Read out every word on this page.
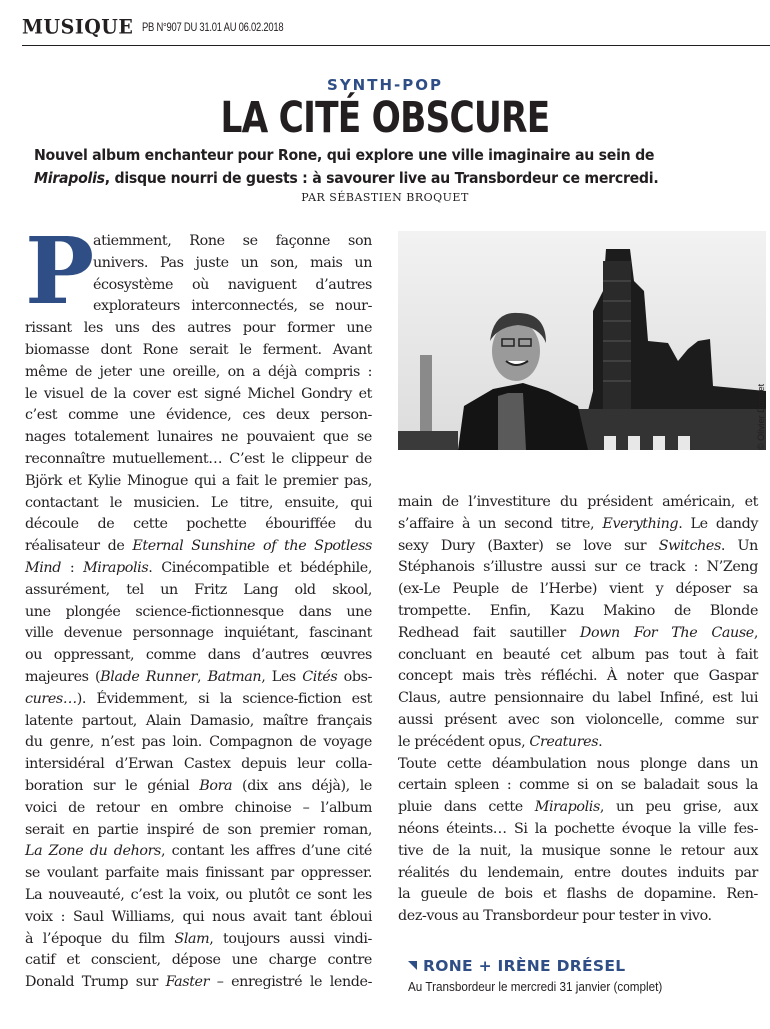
MUSIQUE PB N°907 DU 31.01 AU 06.02.2018
SYNTH-POP
LA CITÉ OBSCURE
Nouvel album enchanteur pour Rone, qui explore une ville imaginaire au sein de
Mirapolis, disque nourri de guests : à savourer live au Transbordeur ce mercredi.
PAR SÉBASTIEN BROQUET
P
atiemment, Rone se façonne son
univers. Pas juste un son, mais un
écosystème où naviguent d’autres
explorateurs interconnectés, se nour-
rissant les uns des autres pour former une
biomasse dont Rone serait le ferment. Avant
même de jeter une oreille, on a déjà compris :
le visuel de la cover est signé Michel Gondry et
c’est comme une évidence, ces deux person-
nages totalement lunaires ne pouvaient que se
reconnaître mutuellement… C’est le clippeur de
Björk et Kylie Minogue qui a fait le premier pas,
contactant le musicien. Le titre, ensuite, qui
découle de cette pochette ébouriffée du
réalisateur de Eternal Sunshine of the Spotless
Mind : Mirapolis. Cinécompatible et bédéphile,
assurément, tel un Fritz Lang old skool,
une plongée science-fictionnesque dans une
ville devenue personnage inquiétant, fascinant
ou oppressant, comme dans d’autres œuvres
majeures (Blade Runner, Batman, Les Cités obs-
cures…). Évidemment, si la science-fiction est
latente partout, Alain Damasio, maître français
du genre, n’est pas loin. Compagnon de voyage
intersidéral d’Erwan Castex depuis leur colla-
boration sur le génial Bora (dix ans déjà), le
voici de retour en ombre chinoise – l’album
serait en partie inspiré de son premier roman,
La Zone du dehors, contant les affres d’une cité
se voulant parfaite mais finissant par oppresser.
La nouveauté, c’est la voix, ou plutôt ce sont les
voix : Saul Williams, qui nous avait tant ébloui
à l’époque du film Slam, toujours aussi vindi-
catif et conscient, dépose une charge contre
Donald Trump sur Faster – enregistré le lende-
© Olivier Donnet
main de l’investiture du président américain, et
s’affaire à un second titre, Everything. Le dandy
sexy Dury (Baxter) se love sur Switches. Un
Stéphanois s’illustre aussi sur ce track : N’Zeng
(ex-Le Peuple de l’Herbe) vient y déposer sa
trompette. Enfin, Kazu Makino de Blonde
Redhead fait sautiller Down For The Cause,
concluant en beauté cet album pas tout à fait
concept mais très réfléchi. À noter que Gaspar
Claus, autre pensionnaire du label Infiné, est lui
aussi présent avec son violoncelle, comme sur
le précédent opus, Creatures.
Toute cette déambulation nous plonge dans un
certain spleen : comme si on se baladait sous la
pluie dans cette Mirapolis, un peu grise, aux
néons éteints… Si la pochette évoque la ville fes-
tive de la nuit, la musique sonne le retour aux
réalités du lendemain, entre doutes induits par
la gueule de bois et flashs de dopamine. Ren-
dez-vous au Transbordeur pour tester in vivo.
RONE + IRÈNE DRÉSEL
Au Transbordeur le mercredi 31 janvier (complet)
